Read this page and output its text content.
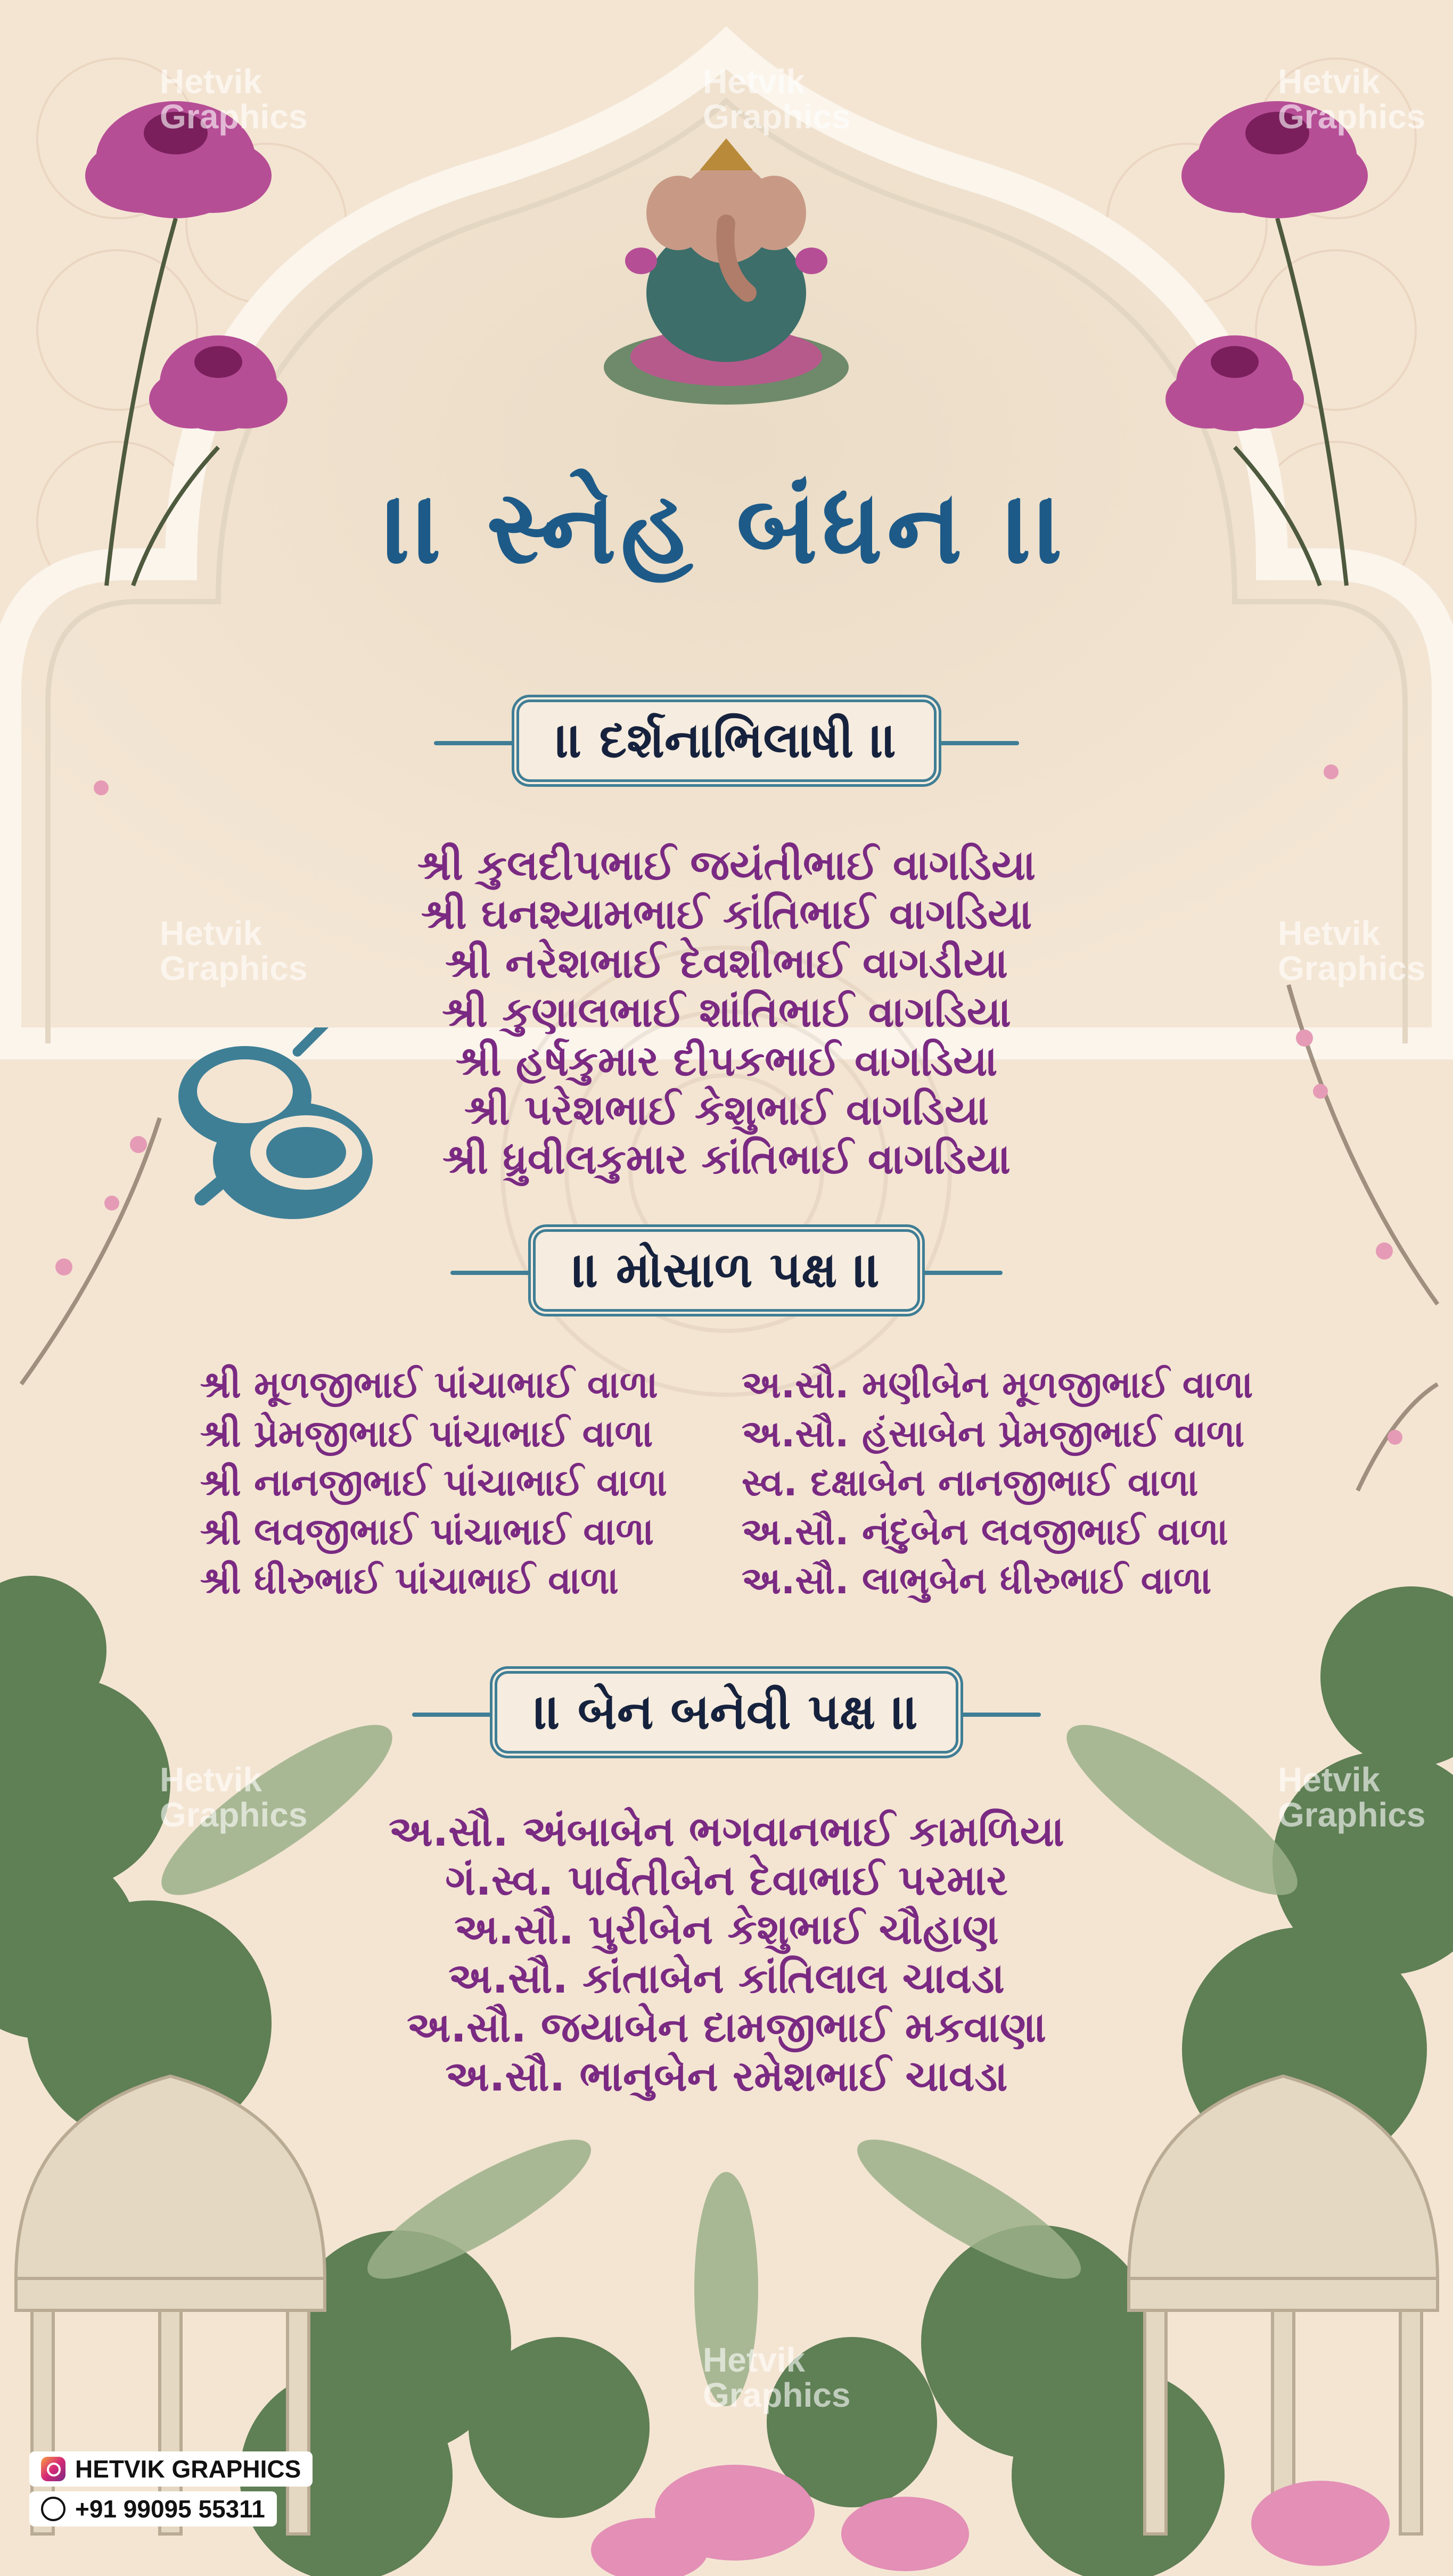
Hetvik
Graphics
Hetvik
Graphics
Hetvik
Graphics
Hetvik
Graphics
Hetvik
Graphics
Hetvik
Graphics
Hetvik
Graphics
Hetvik
Graphics
।। સ્નેહ બંધન ।।
।। દર્શનાભિલાષી ।।
શ્રી કુલદીપભાઈ જયંતીભાઈ વાગડિયા
શ્રી ઘનશ્યામભાઈ કાંતિભાઈ વાગડિયા
શ્રી નરેશભાઈ દેવશીભાઈ વાગડીયા
શ્રી કુણાલભાઈ શાંતિભાઈ વાગડિયા
શ્રી હર્ષકુમાર દીપકભાઈ વાગડિયા
શ્રી પરેશભાઈ કેશુભાઈ વાગડિયા
શ્રી ધ્રુવીલકુમાર કાંતિભાઈ વાગડિયા
।। મોસાળ પક્ષ ।।
શ્રી મૂળજીભાઈ પાંચાભાઈ વાળા
શ્રી પ્રેમજીભાઈ પાંચાભાઈ વાળા
શ્રી નાનજીભાઈ પાંચાભાઈ વાળા
શ્રી લવજીભાઈ પાંચાભાઈ વાળા
શ્રી ધીરુભાઈ પાંચાભાઈ વાળા
અ.સૌ. મણીબેન મૂળજીભાઈ વાળા
અ.સૌ. હંસાબેન પ્રેમજીભાઈ વાળા
સ્વ. દક્ષાબેન નાનજીભાઈ વાળા
અ.સૌ. નંદુબેન લવજીભાઈ વાળા
અ.સૌ. લાભુબેન ધીરુભાઈ વાળા
।। બેન બનેવી પક્ષ ।।
અ.સૌ. અંબાબેન ભગવાનભાઈ કામળિયા
ગં.સ્વ. પાર્વતીબેન દેવાભાઈ પરમાર
અ.સૌ. પુરીબેન કેશુભાઈ ચૌહાણ
અ.સૌ. કાંતાબેન કાંતિલાલ ચાવડા
અ.સૌ. જયાબેન દામજીભાઈ મકવાણા
અ.સૌ. ભાનુબેન રમેશભાઈ ચાવડા
HETVIK GRAPHICS
+91 99095 55311
